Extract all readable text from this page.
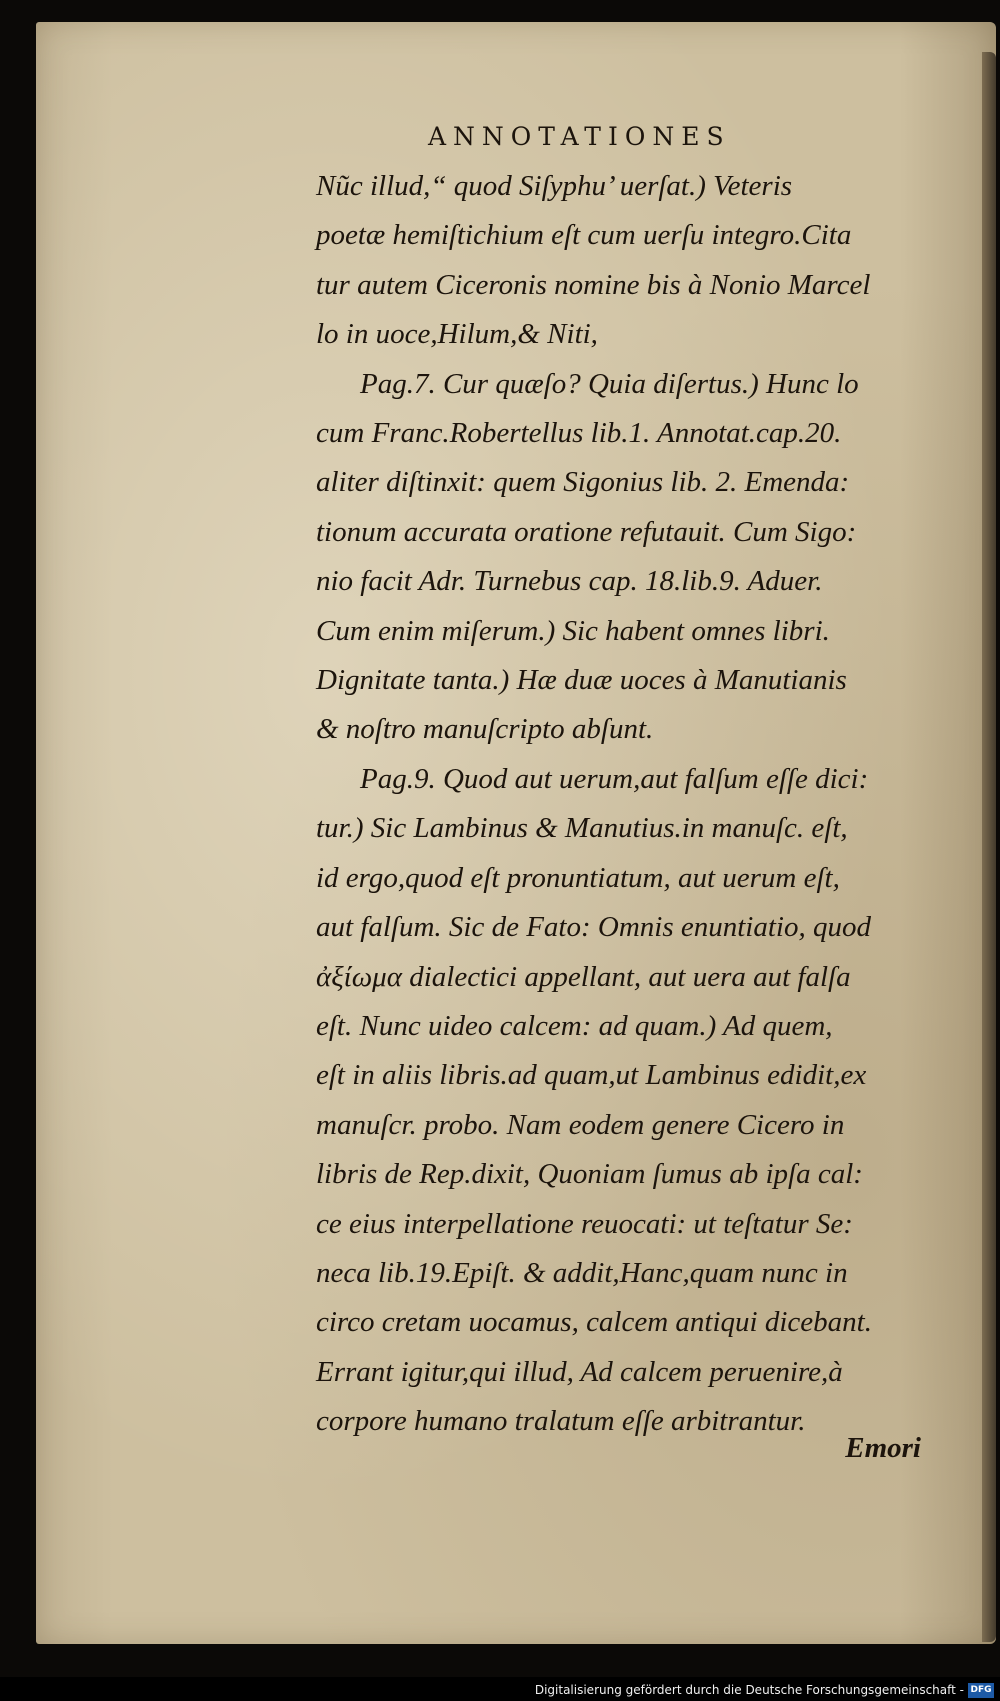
ANNOTATIONES
Nũc illud,“ quod Siſyphu’ uerſat.) Veteris
poetæ hemiſtichium eſt cum uerſu integro.Cita
tur autem Ciceronis nomine bis à Nonio Marcel
lo in uoce,Hilum,& Niti,
Pag.7. Cur quæſo? Quia diſertus.) Hunc lo
cum Franc.Robertellus lib.1. Annotat.cap.20.
aliter diſtinxit: quem Sigonius lib. 2. Emenda:
tionum accurata oratione refutauit. Cum Sigo:
nio facit Adr. Turnebus cap. 18.lib.9. Aduer.
Cum enim miſerum.) Sic habent omnes libri.
Dignitate tanta.) Hæ duæ uoces à Manutianis
& noſtro manuſcripto abſunt.
Pag.9. Quod aut uerum,aut falſum eſſe dici:
tur.) Sic Lambinus & Manutius.in manuſc. eſt,
id ergo,quod eſt pronuntiatum, aut uerum eſt,
aut falſum. Sic de Fato: Omnis enuntiatio, quod
ἀξίωμα dialectici appellant, aut uera aut falſa
eſt. Nunc uideo calcem: ad quam.) Ad quem,
eſt in aliis libris.ad quam,ut Lambinus edidit,ex
manuſcr. probo. Nam eodem genere Cicero in
libris de Rep.dixit, Quoniam ſumus ab ipſa cal:
ce eius interpellatione reuocati: ut teſtatur Se:
neca lib.19.Epiſt. & addit,Hanc,quam nunc in
circo cretam uocamus, calcem antiqui dicebant.
Errant igitur,qui illud, Ad calcem peruenire,à
corpore humano tralatum eſſe arbitrantur.
Emori
Digitalisierung gefördert durch die Deutsche Forschungsgemeinschaft - DFG
